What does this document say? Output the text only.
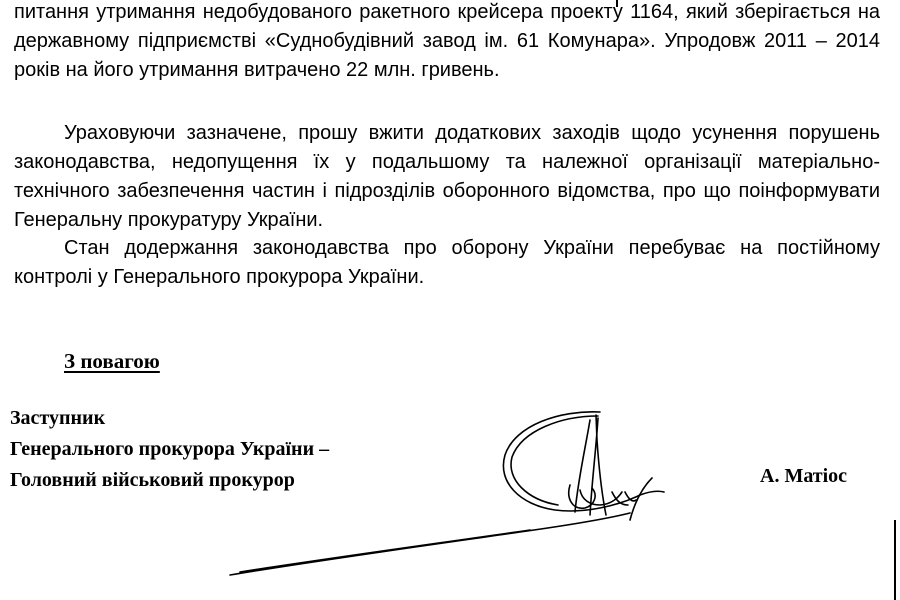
питання утримання недобудованого ракетного крейсера проекту 1164, який зберігається на державному підприємстві «Суднобудівний завод ім. 61 Комунара». Упродовж 2011 – 2014 років на його утримання витрачено 22 млн. гривень.

Ураховуючи зазначене, прошу вжити додаткових заходів щодо усунення порушень законодавства, недопущення їх у подальшому та належної організації матеріально-технічного забезпечення частин і підрозділів оборонного відомства, про що поінформувати Генеральну прокуратуру України.

Стан додержання законодавства про оборону України перебуває на постійному контролі у Генерального прокурора України.

З повагою
Заступник
Генерального прокурора України –
Головний військовий прокурор	А. Матіос
